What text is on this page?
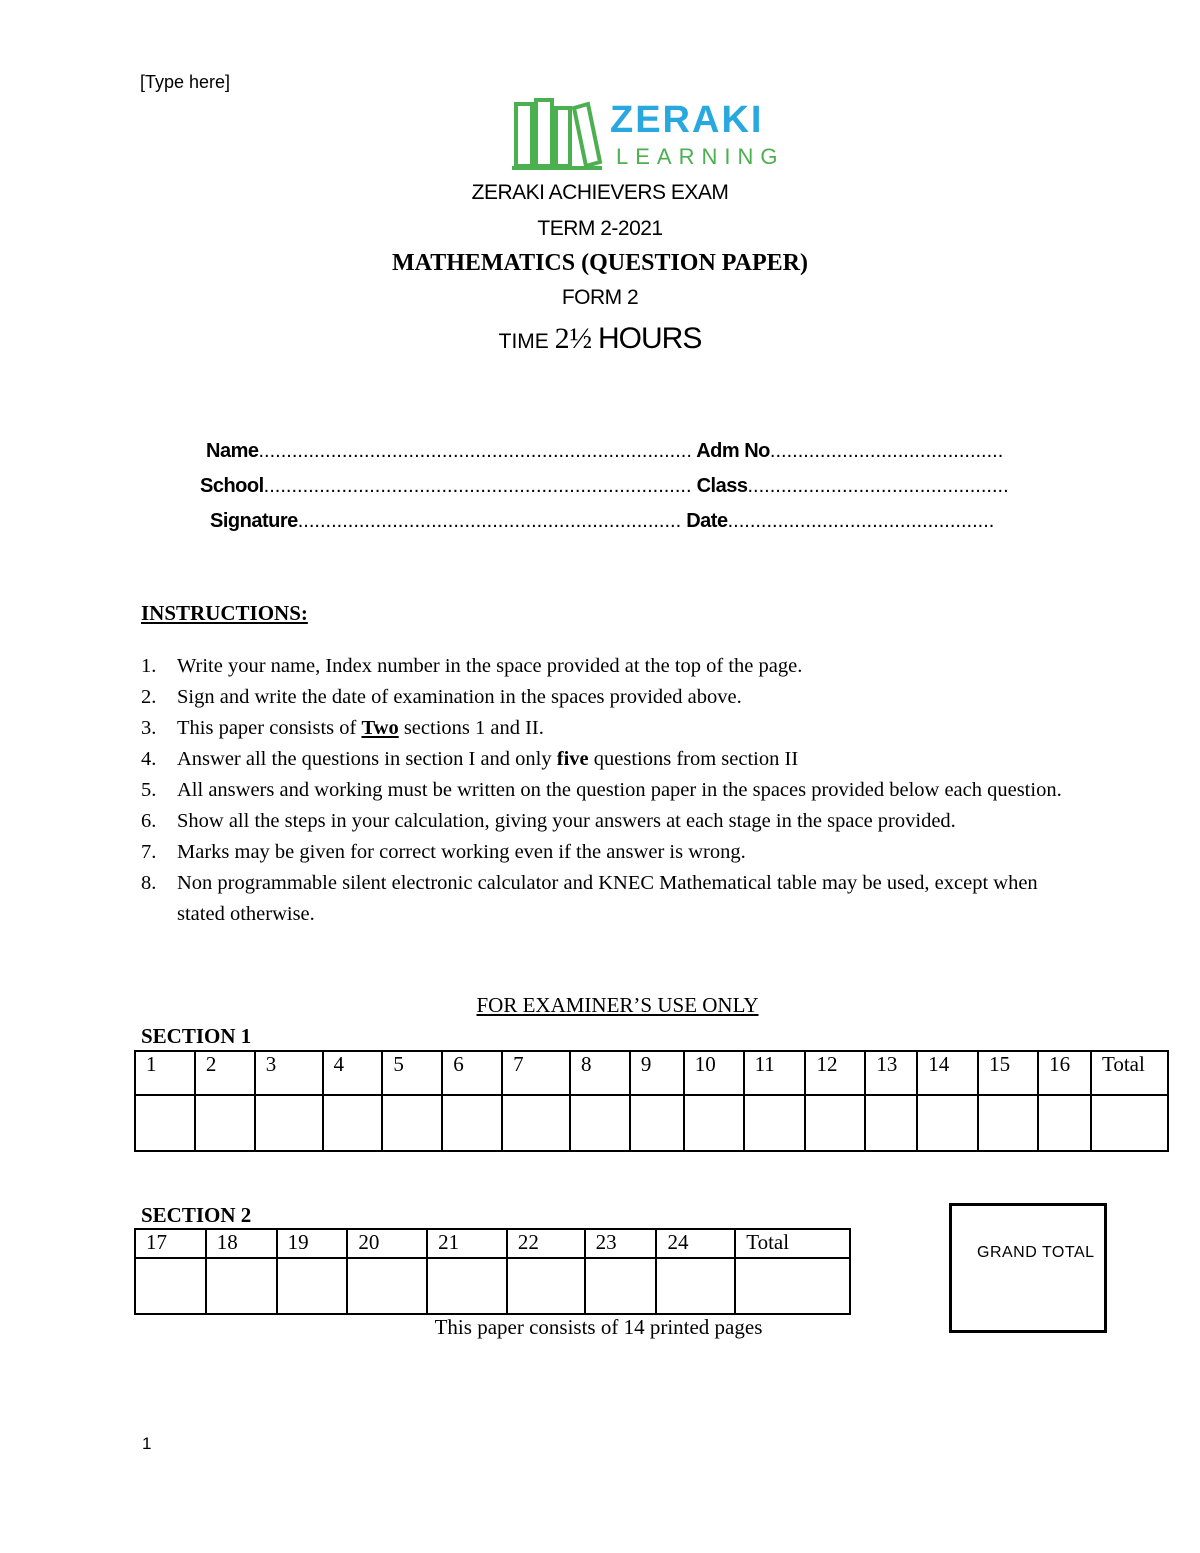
[Type here]
ZERAKI
LEARNING
ZERAKI ACHIEVERS EXAM
TERM 2-2021
MATHEMATICS (QUESTION PAPER)
FORM 2
TIME 2½ HOURS
Name.............................................................................. Adm No..........................................
School............................................................................. Class...............................................
Signature..................................................................... Date................................................
INSTRUCTIONS:
1. Write your name, Index number in the space provided at the top of the page.
2. Sign and write the date of examination in the spaces provided above.
3. This paper consists of Two sections 1 and II.
4. Answer all the questions in section I and only five questions from section II
5. All answers and working must be written on the question paper in the spaces provided below each question.
6. Show all the steps in your calculation, giving your answers at each stage in the space provided.
7. Marks may be given for correct working even if the answer is wrong.
8. Non programmable silent electronic calculator and KNEC Mathematical table may be used, except when stated otherwise.
FOR EXAMINER’S USE ONLY
SECTION 1
1	2	3	4	5	6	7	8	9	10	11	12	13	14	15	16	Total

SECTION 2
17	18	19	20	21	22	23	24	Total
									GRAND TOTAL
This paper consists of 14 printed pages
1
